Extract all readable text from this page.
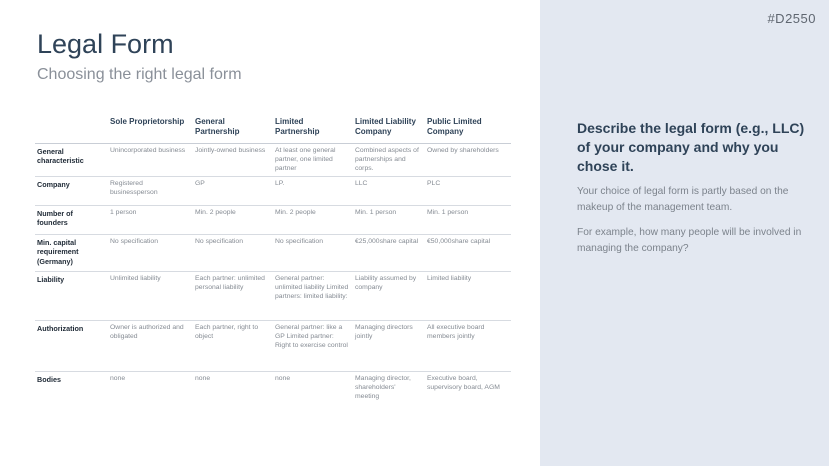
Legal Form
Choosing the right legal form
#D2550
	Sole Proprietorship	General Partnership	Limited Partnership	Limited Liability Company	Public Limited Company
General characteristic	Unincorporated business	Jointly-owned business	At least one general partner, one limited partner	Combined aspects of partnerships and corps.	Owned by shareholders
Company	Registered businessperson	GP	LP.	LLC	PLC
Number of founders	1 person	Min. 2 people	Min. 2 people	Min. 1 person	Min. 1 person
Min. capital requirement (Germany)	No specification	No specification	No specification	€25,000share capital	€50,000share capital
Liability	Unlimited liability	Each partner: unlimited personal liability	General partner: unlimited liability Limited partners: limited liability:	Liability assumed by company	Limited liability
Authorization	Owner is authorized and obligated	Each partner, right to object	General partner: like a GP Limited partner: Right to exercise control	Managing directors jointly	All executive board members jointly
Bodies	none	none	none	Managing director, shareholders' meeting	Executive board, supervisory board, AGM

Describe the legal form (e.g., LLC) of your company and why you chose it.

Your choice of legal form is partly based on the makeup of the management team.

For example, how many people will be involved in managing the company?
